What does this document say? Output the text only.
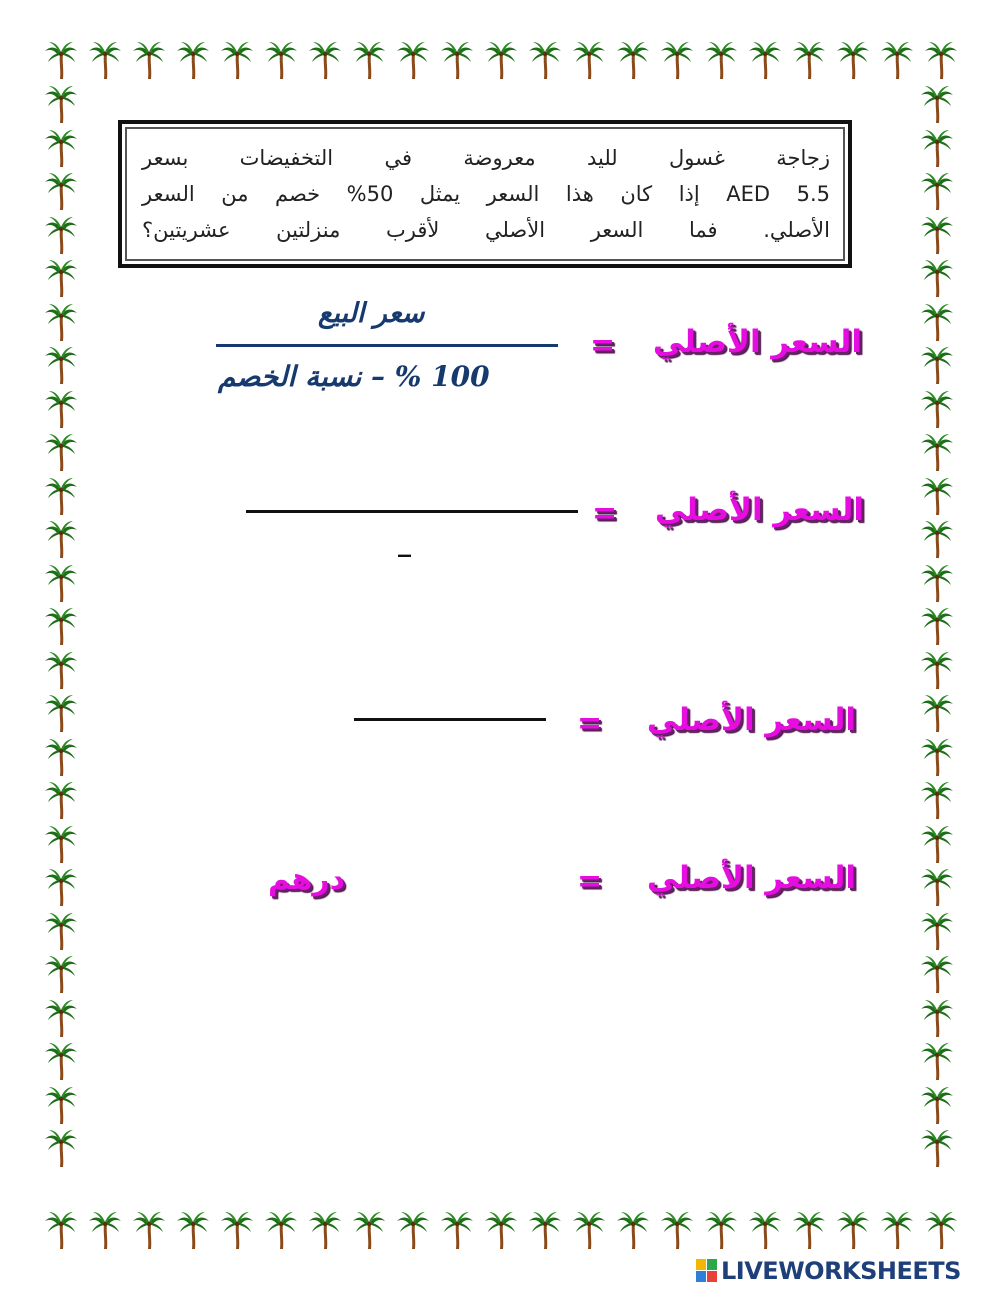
زجاجة غسول لليد معروضة في التخفيضات بسعر
AED 5.5 إذا كان هذا السعر يمثل 50% خصم من السعر
الأصلي. فما السعر الأصلي لأقرب منزلتين عشريتين؟
السعر الأصلي
=
سعر البيع
100 % – نسبة الخصم
السعر الأصلي
=
_
السعر الأصلي
=
السعر الأصلي
=
درهم
LIVEWORKSHEETS
